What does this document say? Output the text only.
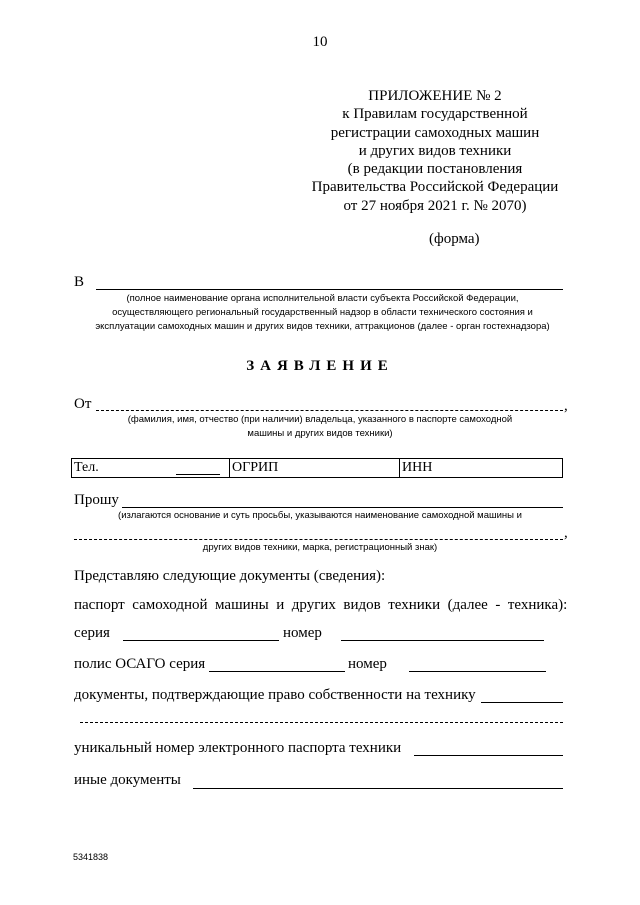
10
ПРИЛОЖЕНИЕ № 2
к Правилам государственной
регистрации самоходных машин
и других видов техники
(в редакции постановления
Правительства Российской Федерации
от 27 ноября 2021 г. № 2070)
(форма)
В
(полное наименование органа исполнительной власти субъекта Российской Федерации,
осуществляющего региональный государственный надзор в области технического состояния и
эксплуатации самоходных машин и других видов техники, аттракционов (далее - орган гостехнадзора)
ЗАЯВЛЕНИЕ
От	,
(фамилия, имя, отчество (при наличии) владельца, указанного в паспорте самоходной
машины и других видов техники)
Тел.	ОГРИП	ИНН
Прошу
(излагаются основание и суть просьбы, указываются наименование самоходной машины и
,
других видов техники, марка, регистрационный знак)
Представляю следующие документы (сведения):
паспорт  самоходной  машины  и  других  видов  техники  (далее  -  техника):
серия	номер
полис ОСАГО серия	номер
документы, подтверждающие право собственности на технику
уникальный номер электронного паспорта техники
иные документы
5341838
